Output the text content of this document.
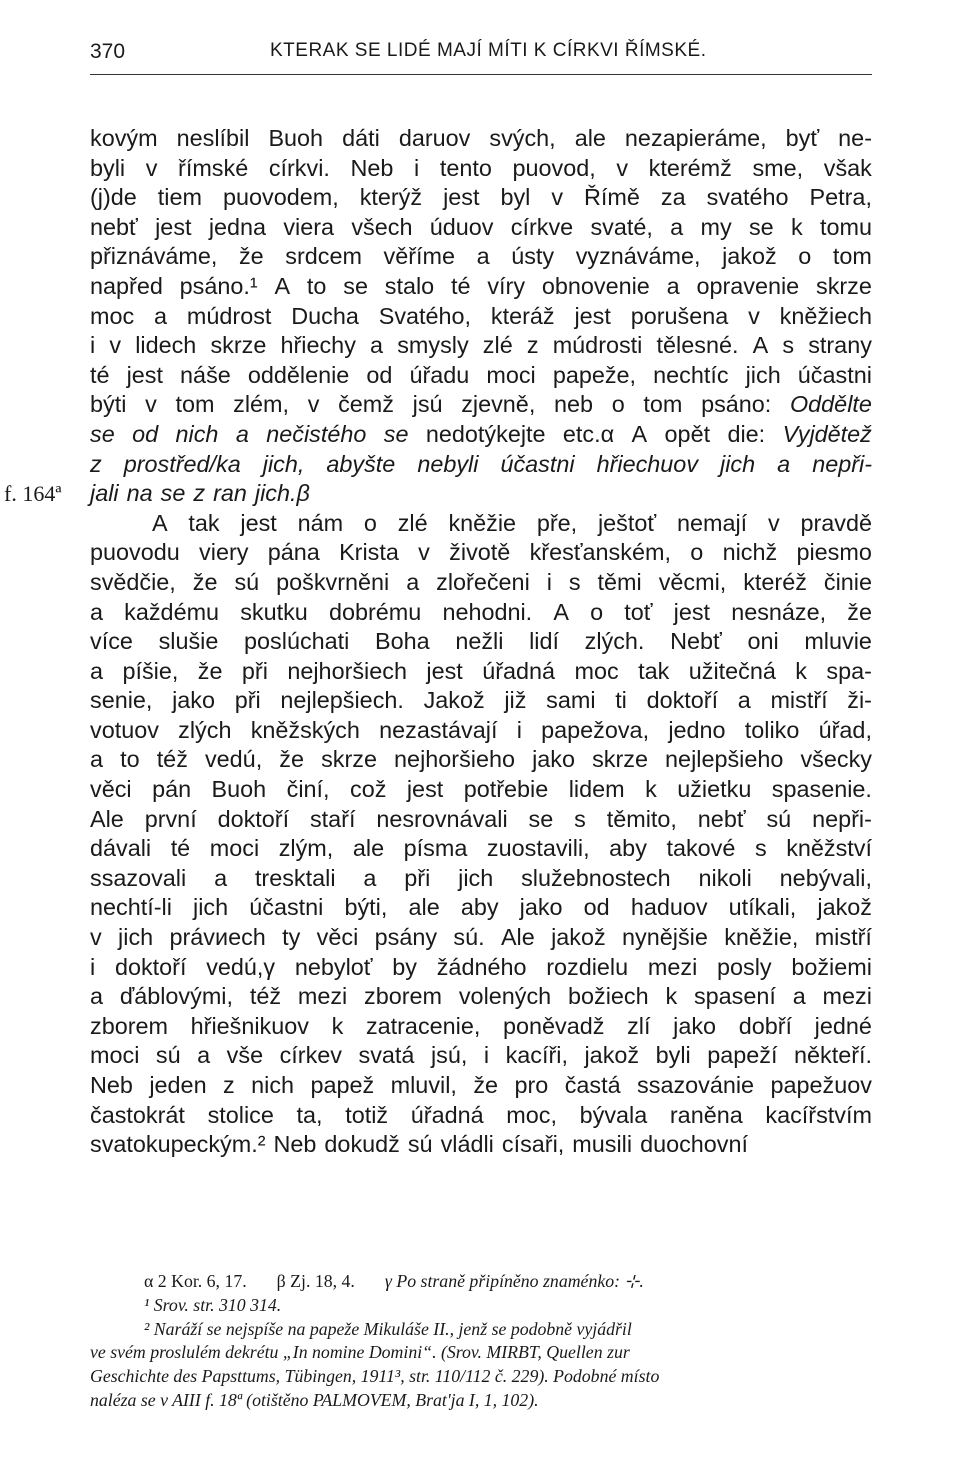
370	KTERAK SE LIDÉ MAJÍ MÍTI K CÍRKVI ŘÍMSKÉ.
f. 164ª
kovým neslíbil Buoh dáti daruov svých, ale nezapieráme, byť ne-
byli v římské církvi. Neb i tento puovod, v kterémž sme, však
(j)de tiem puovodem, kterýž jest byl v Římě za svatého Petra,
nebť jest jedna viera všech úduov církve svaté, a my se k tomu
přiznáváme, že srdcem věříme a ústy vyznáváme, jakož o tom
napřed psáno.¹ A to se stalo té víry obnovenie a opravenie skrze
moc a múdrost Ducha Svatého, kteráž jest porušena v kněžiech
i v lidech skrze hřiechy a smysly zlé z múdrosti tělesné. A s strany
té jest náše oddělenie od úřadu moci papeže, nechtíc jich účastni
býti v tom zlém, v čemž jsú zjevně, neb o tom psáno: Oddělte
se od nich a nečistého se nedotýkejte etc.α A opět die: Vyjdětež
z prostřed/ka jich, abyšte nebyli účastni hřiechuov jich a nepři-
jali na se z ran jich.β
A tak jest nám o zlé kněžie pře, ještoť nemají v pravdě
puovodu viery pána Krista v životě křesťanském, o nichž piesmo
svědčie, že sú poškvrněni a zlořečeni i s těmi věcmi, kteréž činie
a každému skutku dobrému nehodni. A o toť jest nesnáze, že
více slušie poslúchati Boha nežli lidí zlých. Nebť oni mluvie
a píšie, že při nejhoršiech jest úřadná moc tak užitečná k spa-
senie, jako při nejlepšiech. Jakož již sami ti doktoří a mistří ži-
votuov zlých kněžských nezastávají i papežova, jedno toliko úřad,
a to též vedú, že skrze nejhoršieho jako skrze nejlepšieho všecky
věci pán Buoh činí, což jest potřebie lidem k užietku spasenie.
Ale první doktoří staří nesrovnávali se s těmito, nebť sú nepři-
dávali té moci zlým, ale písma zuostavili, aby takové s kněžství
ssazovali a tresktali a při jich služebnostech nikoli nebývali,
nechtí-li jich účastni býti, ale aby jako od haduov utíkali, jakož
v jich právиech ty věci psány sú. Ale jakož nynějšie kněžie, mistří
i doktoří vedú,γ nebyloť by žádného rozdielu mezi posly božiemi
a ďáblovými, též mezi zborem volených božiech k spasení a mezi
zborem hřiešnikuov k zatracenie, poněvadž zlí jako dobří jedné
moci sú a vše církev svatá jsú, i kacíři, jakož byli papeží někteří.
Neb jeden z nich papež mluvil, že pro častá ssazovánie papežuov
častokrát stolice ta, totiž úřadná moc, bývala raněna kacířstvím
svatokupeckým.² Neb dokudž sú vládli císaři, musili duochovní
α 2 Kor. 6, 17. β Zj. 18, 4. γ Po straně připíněno znaménko: ⊹.
¹ Srov. str. 310 314.
² Naráží se nejspíše na papeže Mikuláše II., jenž se podobně vyjádřil
ve svém proslulém dekrétu „In nomine Domini“. (Srov. MIRBT, Quellen zur
Geschichte des Papsttums, Tübingen, 1911³, str. 110/112 č. 229). Podobné místo
naléza se v AIII f. 18ª (otištěno PALMOVEM, Brat'ja I, 1, 102).
